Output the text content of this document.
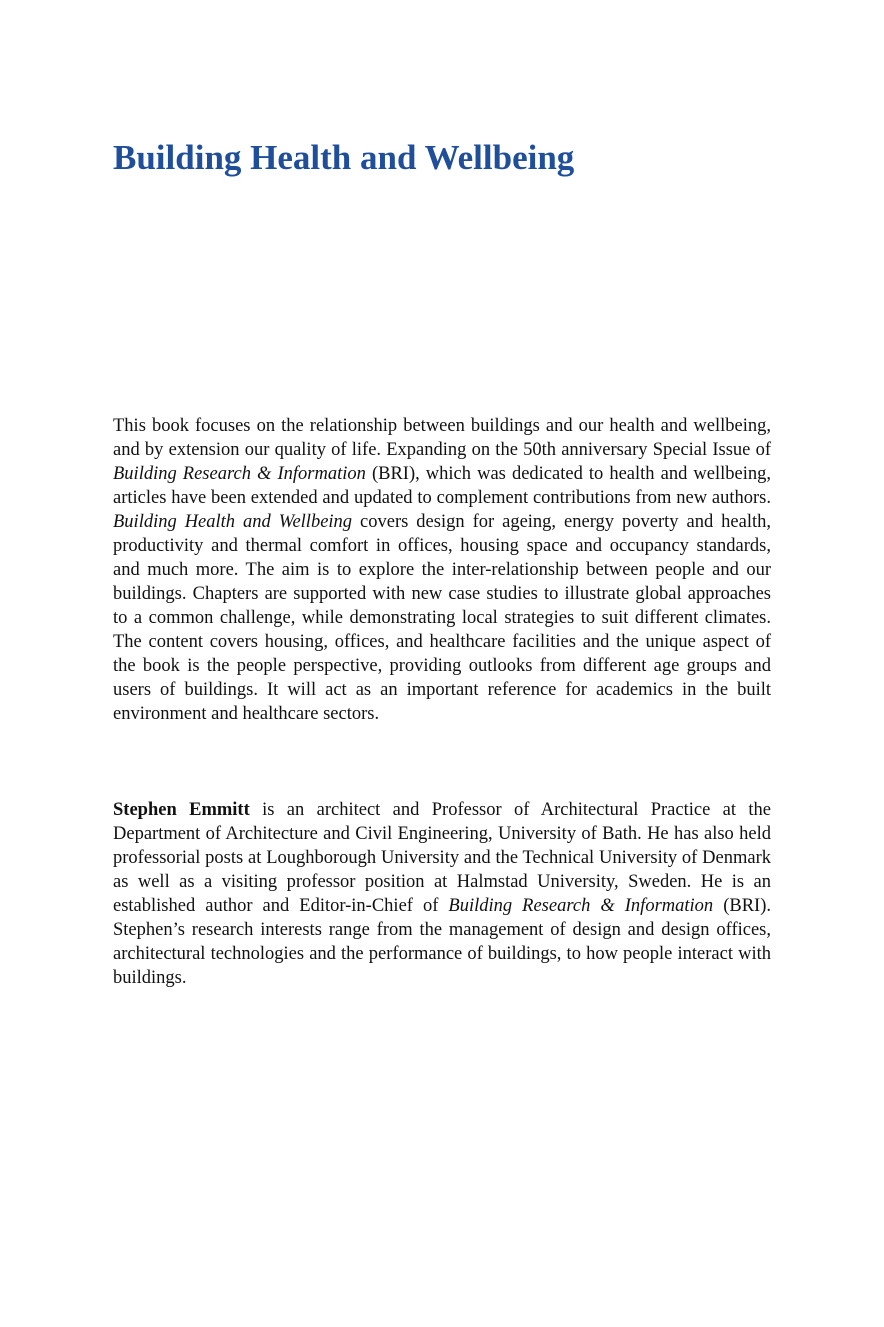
Building Health and Wellbeing

This book focuses on the relationship between buildings and our health and wellbeing, and by extension our quality of life. Expanding on the 50th anniversary Special Issue of Building Research & Information (BRI), which was dedicated to health and wellbeing, articles have been extended and updated to complement contributions from new authors. Building Health and Wellbeing covers design for ageing, energy poverty and health, productivity and thermal comfort in offices, housing space and occupancy standards, and much more. The aim is to explore the inter-relationship between people and our buildings. Chapters are supported with new case studies to illustrate global approaches to a common challenge, while demonstrating local strategies to suit different climates. The content covers housing, offices, and healthcare facilities and the unique aspect of the book is the people perspective, providing outlooks from different age groups and users of buildings. It will act as an important reference for academics in the built environment and healthcare sectors.

Stephen Emmitt is an architect and Professor of Architectural Practice at the Department of Architecture and Civil Engineering, University of Bath. He has also held professorial posts at Loughborough University and the Technical University of Denmark as well as a visiting professor position at Halmstad University, Sweden. He is an established author and Editor-in-Chief of Building Research & Information (BRI). Stephen’s research interests range from the management of design and design offices, architectural technologies and the performance of buildings, to how people interact with buildings.
